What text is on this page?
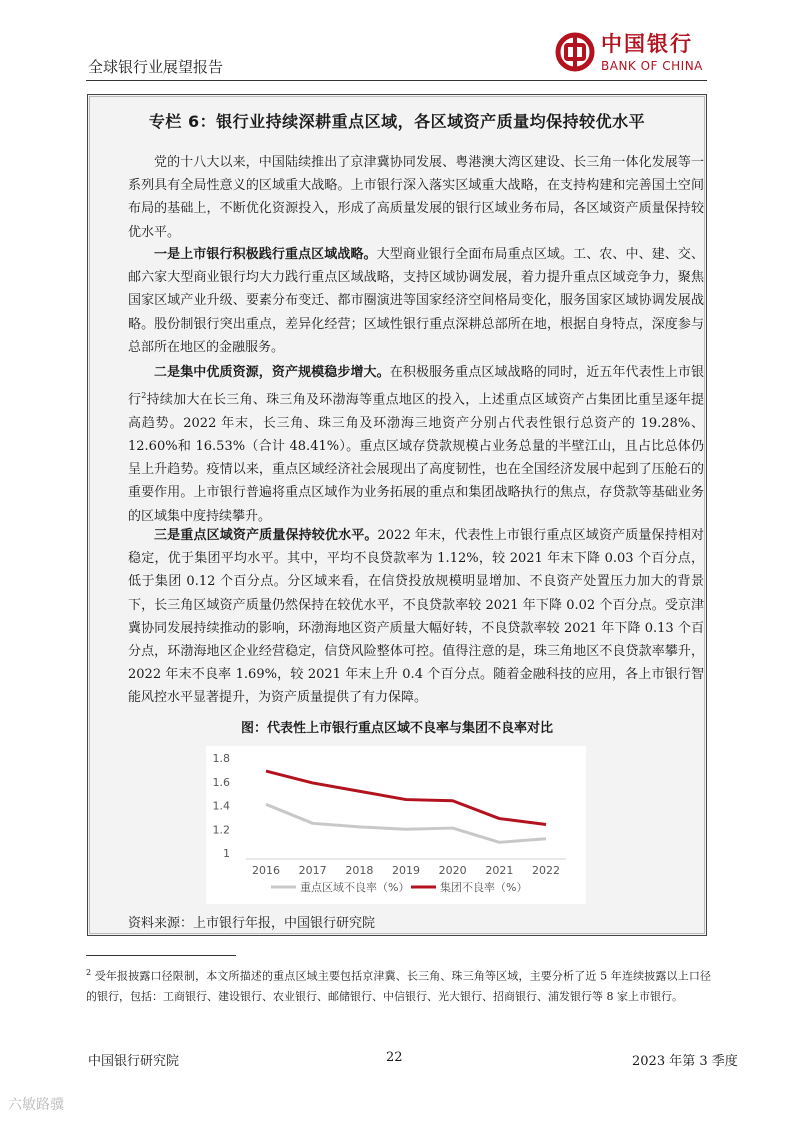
全球银行业展望报告
中国银行
BANK OF CHINA
专栏 6：银行业持续深耕重点区域，各区域资产质量均保持较优水平

党的十八大以来，中国陆续推出了京津冀协同发展、粤港澳大湾区建设、长三角一体化发展等一系列具有全局性意义的区域重大战略。上市银行深入落实区域重大战略，在支持构建和完善国土空间布局的基础上，不断优化资源投入，形成了高质量发展的银行区域业务布局，各区域资产质量保持较优水平。

一是上市银行积极践行重点区域战略。大型商业银行全面布局重点区域。工、农、中、建、交、邮六家大型商业银行均大力践行重点区域战略，支持区域协调发展，着力提升重点区域竞争力，聚焦国家区域产业升级、要素分布变迁、都市圈演进等国家经济空间格局变化，服务国家区域协调发展战略。股份制银行突出重点，差异化经营；区域性银行重点深耕总部所在地，根据自身特点，深度参与总部所在地区的金融服务。

二是集中优质资源，资产规模稳步增大。在积极服务重点区域战略的同时，近五年代表性上市银行$^2$持续加大在长三角、珠三角及环渤海等重点地区的投入，上述重点区域资产占集团比重呈逐年提高趋势。2022 年末，长三角、珠三角及环渤海三地资产分别占代表性银行总资产的 19.28%、12.60%和 16.53%（合计 48.41%）。重点区域存贷款规模占业务总量的半壁江山，且占比总体仍呈上升趋势。疫情以来，重点区域经济社会展现出了高度韧性，也在全国经济发展中起到了压舱石的重要作用。上市银行普遍将重点区域作为业务拓展的重点和集团战略执行的焦点，存贷款等基础业务的区域集中度持续攀升。

三是重点区域资产质量保持较优水平。2022 年末，代表性上市银行重点区域资产质量保持相对稳定，优于集团平均水平。其中，平均不良贷款率为 1.12%，较 2021 年末下降 0.03 个百分点，低于集团 0.12 个百分点。分区域来看，在信贷投放规模明显增加、不良资产处置压力加大的背景下，长三角区域资产质量仍然保持在较优水平，不良贷款率较 2021 年下降 0.02 个百分点。受京津冀协同发展持续推动的影响，环渤海地区资产质量大幅好转，不良贷款率较 2021 年下降 0.13 个百分点，环渤海地区企业经营稳定，信贷风险整体可控。值得注意的是，珠三角地区不良贷款率攀升，2022 年末不良率 1.69%，较 2021 年末上升 0.4 个百分点。随着金融科技的应用，各上市银行智能风控水平显著提升，为资产质量提供了有力保障。

图：代表性上市银行重点区域不良率与集团不良率对比
1
1.2
1.4
1.6
1.8
2016 2017 2018 2019 2020 2021 2022
重点区域不良率（%）	集团不良率（%）
资料来源：上市银行年报，中国银行研究院

$^2$ 受年报披露口径限制，本文所描述的重点区域主要包括京津冀、长三角、珠三角等区域，主要分析了近 5 年连续披露以上口径的银行，包括：工商银行、建设银行、农业银行、邮储银行、中信银行、光大银行、招商银行、浦发银行等 8 家上市银行。

中国银行研究院	22	2023 年第 3 季度
六敏路骥
